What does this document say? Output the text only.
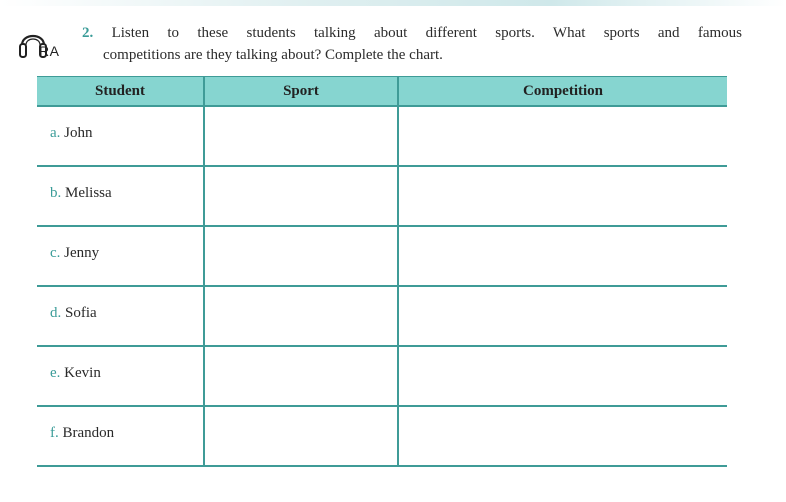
RA
2. Listen to these students talking about different sports. What sports and famous
competitions are they talking about? Complete the chart.
Student	Sport	Competition
a. John		
b. Melissa		
c. Jenny		
d. Sofia		
e. Kevin		
f. Brandon		
